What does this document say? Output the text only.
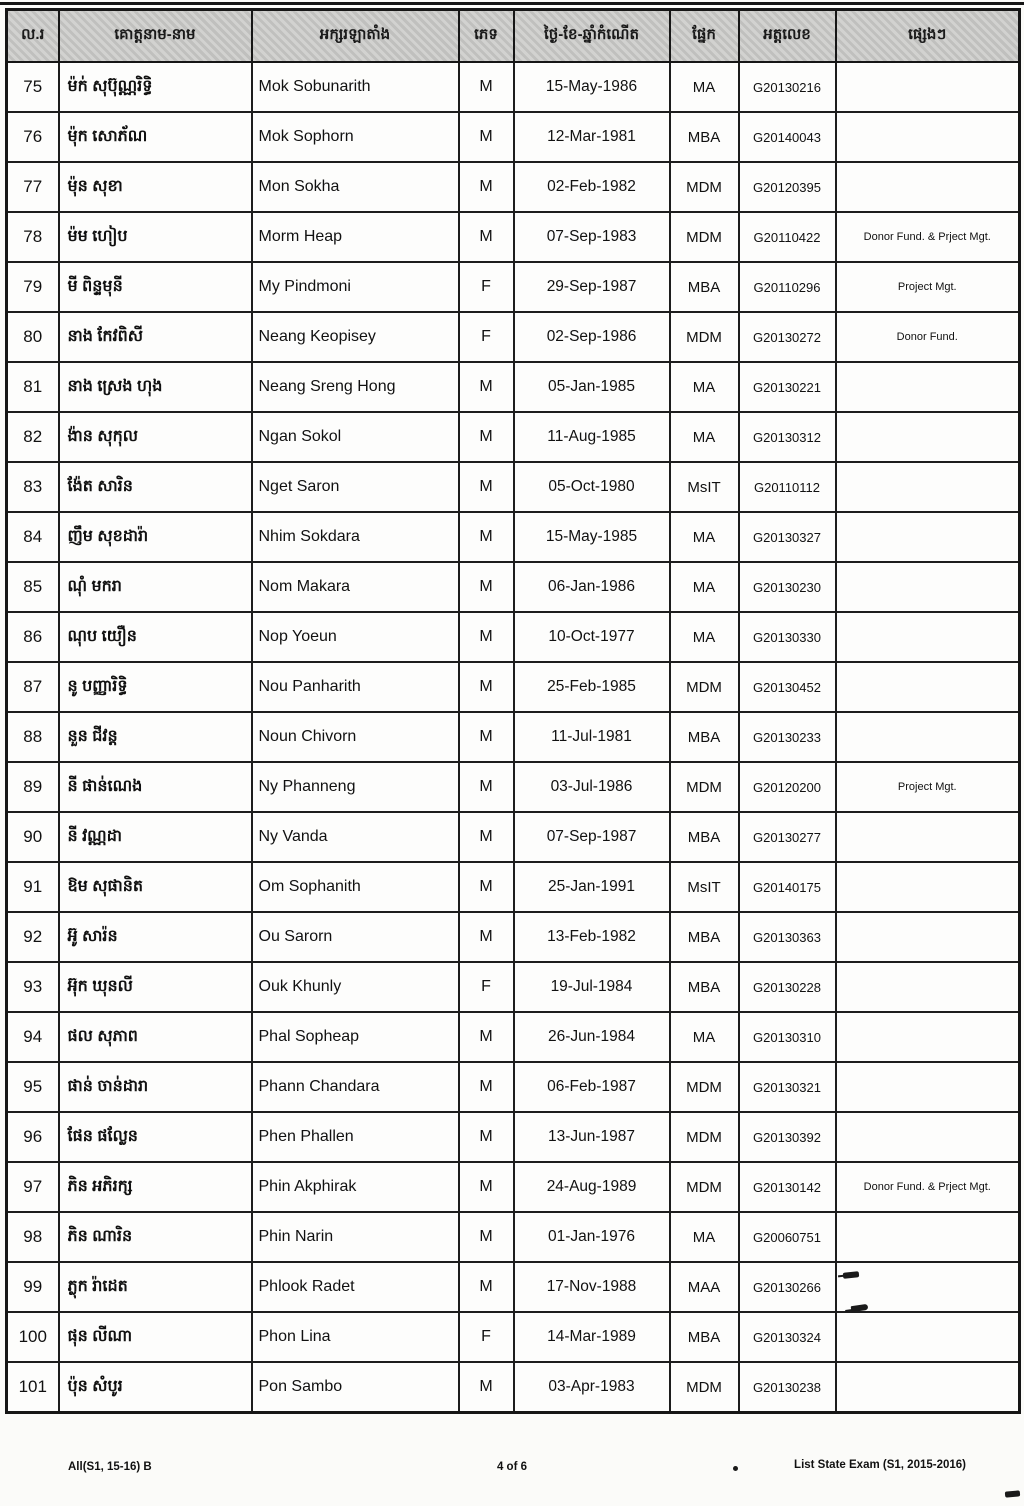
ល.រ	គោត្តនាម-នាម	អក្សរឡាតាំង	ភេទ	ថ្ងៃ-ខែ-ឆ្នាំកំណើត	ផ្នែក	អត្តលេខ	ផ្សេងៗ
75	ម៉ក់ សុប៊ុណ្ណរិទ្ធិ	Mok Sobunarith	M	15-May-1986	MA	G20130216	
76	ម៉ុក សោភ័ណ	Mok Sophorn	M	12-Mar-1981	MBA	G20140043	
77	ម៉ុន សុខា	Mon Sokha	M	02-Feb-1982	MDM	G20120395	
78	ម៉ម ហៀប	Morm Heap	M	07-Sep-1983	MDM	G20110422	Donor Fund. & Prject Mgt.
79	មី ពិន្ទមុនី	My Pindmoni	F	29-Sep-1987	MBA	G20110296	Project Mgt.
80	នាង កែវពិសី	Neang Keopisey	F	02-Sep-1986	MDM	G20130272	Donor Fund.
81	នាង ស្រេង ហុង	Neang Sreng Hong	M	05-Jan-1985	MA	G20130221	
82	ង៉ាន សុកុល	Ngan Sokol	M	11-Aug-1985	MA	G20130312	
83	ង៉ែត សារិន	Nget Saron	M	05-Oct-1980	MsIT	G20110112	
84	ញឹម សុខដារ៉ា	Nhim Sokdara	M	15-May-1985	MA	G20130327	
85	ណុំ មករា	Nom Makara	M	06-Jan-1986	MA	G20130230	
86	ណុប យឿន	Nop Yoeun	M	10-Oct-1977	MA	G20130330	
87	នូ បញ្ញារិទ្ធិ	Nou Panharith	M	25-Feb-1985	MDM	G20130452	
88	នួន ជីវន្ត	Noun Chivorn	M	11-Jul-1981	MBA	G20130233	
89	នី ផាន់ណេង	Ny Phanneng	M	03-Jul-1986	MDM	G20120200	Project Mgt.
90	នី វណ្ណដា	Ny Vanda	M	07-Sep-1987	MBA	G20130277	
91	ឱម សុផានិត	Om Sophanith	M	25-Jan-1991	MsIT	G20140175	
92	អ៊ូ សារ៉ន	Ou Sarorn	M	13-Feb-1982	MBA	G20130363	
93	អ៊ុក ឃុនលី	Ouk Khunly	F	19-Jul-1984	MBA	G20130228	
94	ផល សុភាព	Phal Sopheap	M	26-Jun-1984	MA	G20130310	
95	ផាន់ ចាន់ដារា	Phann Chandara	M	06-Feb-1987	MDM	G20130321	
96	ផែន ផល្លែន	Phen Phallen	M	13-Jun-1987	MDM	G20130392	
97	ភិន អភិរក្ស	Phin Akphirak	M	24-Aug-1989	MDM	G20130142	Donor Fund. & Prject Mgt.
98	ភិន ណារិន	Phin Narin	M	01-Jan-1976	MA	G20060751	
99	ភ្លុក រ៉ាដេត	Phlook Radet	M	17-Nov-1988	MAA	G20130266	
100	ផុន លីណា	Phon Lina	F	14-Mar-1989	MBA	G20130324	
101	ប៉ុន សំបូរ	Pon Sambo	M	03-Apr-1983	MDM	G20130238	
All(S1, 15-16) B	4 of 6	List State Exam (S1, 2015-2016)
